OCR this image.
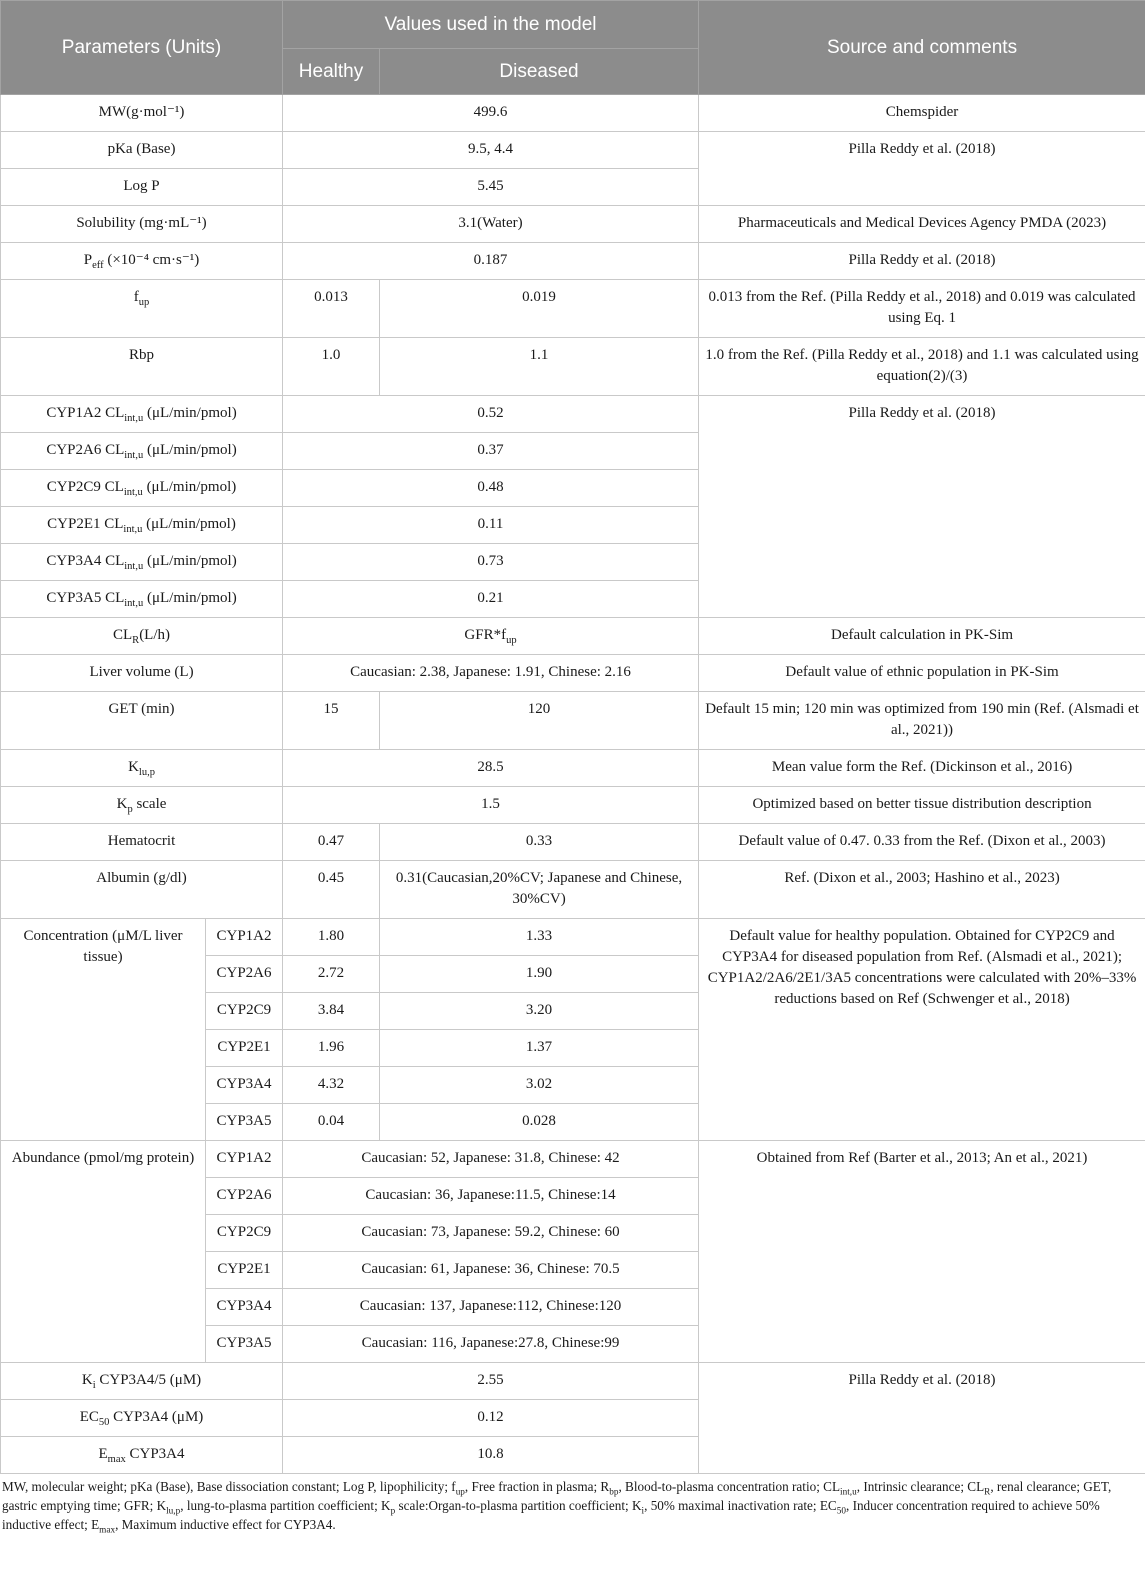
Parameters (Units)		Values used in the model		Source and comments
		Healthy	Diseased	
MW(g·mol⁻¹)		499.6		Chemspider
pKa (Base)		9.5, 4.4		Pilla Reddy et al. (2018)
Log P		5.45		
Solubility (mg·mL⁻¹)		3.1(Water)		Pharmaceuticals and Medical Devices Agency PMDA (2023)
$P_{eff}$ (×10⁻⁴ cm·s⁻¹)		0.187		Pilla Reddy et al. (2018)
$f_{up}$		0.013	0.019	0.013 from the Ref. (Pilla Reddy et al., 2018) and 0.019 was calculated using Eq. 1
Rbp		1.0	1.1	1.0 from the Ref. (Pilla Reddy et al., 2018) and 1.1 was calculated using equation(2)/(3)
CYP1A2 $CL_{int,u}$ (μL/min/pmol)		0.52		Pilla Reddy et al. (2018)
CYP2A6 $CL_{int,u}$ (μL/min/pmol)		0.37		
CYP2C9 $CL_{int,u}$ (μL/min/pmol)		0.48		
CYP2E1 $CL_{int,u}$ (μL/min/pmol)		0.11		
CYP3A4 $CL_{int,u}$ (μL/min/pmol)		0.73		
CYP3A5 $CL_{int,u}$ (μL/min/pmol)		0.21		
$CL_R(L/h)$		$GFR*f_{up}$		Default calculation in PK-Sim
Liver volume (L)		Caucasian: 2.38, Japanese: 1.91, Chinese: 2.16		Default value of ethnic population in PK-Sim
GET (min)		15	120	Default 15 min; 120 min was optimized from 190 min (Ref. (Alsmadi et al., 2021))
$K_{lu,p}$		28.5		Mean value form the Ref. (Dickinson et al., 2016)
$K_p$ scale		1.5		Optimized based on better tissue distribution description
Hematocrit		0.47	0.33	Default value of 0.47. 0.33 from the Ref. (Dixon et al., 2003)
Albumin (g/dl)		0.45	0.31(Caucasian,20%CV; Japanese and Chinese, 30%CV)	Ref. (Dixon et al., 2003; Hashino et al., 2023)
Concentration (μM/L liver tissue)	CYP1A2	1.80	1.33	Default value for healthy population. Obtained for CYP2C9 and CYP3A4 for diseased population from Ref. (Alsmadi et al., 2021); CYP1A2/2A6/2E1/3A5 concentrations were calculated with 20%–33% reductions based on Ref (Schwenger et al., 2018)
	CYP2A6	2.72	1.90	
	CYP2C9	3.84	3.20	
	CYP2E1	1.96	1.37	
	CYP3A4	4.32	3.02	
	CYP3A5	0.04	0.028	
Abundance (pmol/mg protein)	CYP1A2	Caucasian: 52, Japanese: 31.8, Chinese: 42		Obtained from Ref (Barter et al., 2013; An et al., 2021)
	CYP2A6	Caucasian: 36, Japanese:11.5, Chinese:14		
	CYP2C9	Caucasian: 73, Japanese: 59.2, Chinese: 60		
	CYP2E1	Caucasian: 61, Japanese: 36, Chinese: 70.5		
	CYP3A4	Caucasian: 137, Japanese:112, Chinese:120		
	CYP3A5	Caucasian: 116, Japanese:27.8, Chinese:99		
$K_i$ CYP3A4/5 (μM)		2.55		Pilla Reddy et al. (2018)
$EC_{50}$ CYP3A4 (μM)		0.12		
$E_{max}$ CYP3A4		10.8		
MW, molecular weight; pKa (Base), Base dissociation constant; Log P, lipophilicity; $f_{up}$, Free fraction in plasma; $R_{bp}$, Blood-to-plasma concentration ratio; $CL_{int,u}$, Intrinsic clearance; $CL_R$, renal clearance; GET, gastric emptying time; GFR; $K_{lu,p}$, lung-to-plasma partition coefficient; $K_p$ scale:Organ-to-plasma partition coefficient; $K_i$, 50% maximal inactivation rate; $EC_{50}$, Inducer concentration required to achieve 50% inductive effect; $E_{max}$, Maximum inductive effect for CYP3A4.
